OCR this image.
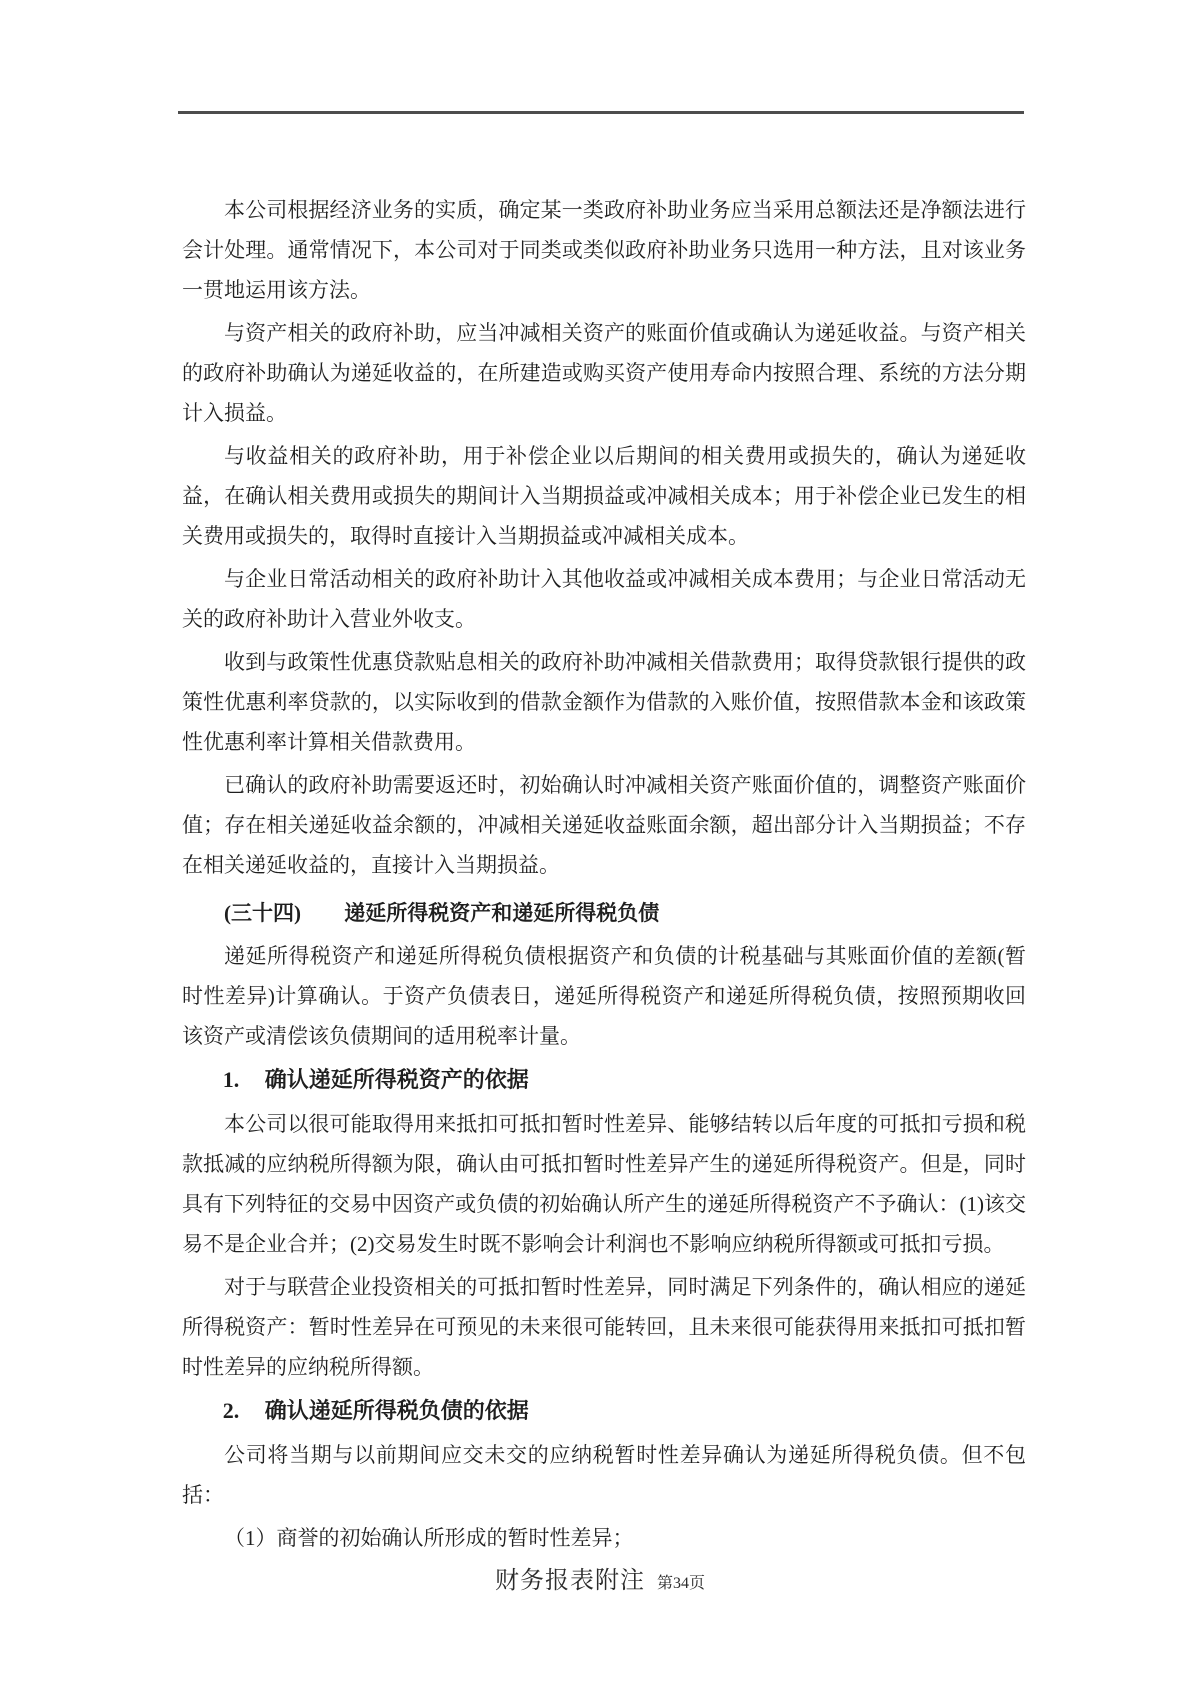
本公司根据经济业务的实质，确定某一类政府补助业务应当采用总额法还是净额法进行会计处理。通常情况下，本公司对于同类或类似政府补助业务只选用一种方法，且对该业务一贯地运用该方法。

与资产相关的政府补助，应当冲减相关资产的账面价值或确认为递延收益。与资产相关的政府补助确认为递延收益的，在所建造或购买资产使用寿命内按照合理、系统的方法分期计入损益。

与收益相关的政府补助，用于补偿企业以后期间的相关费用或损失的，确认为递延收益，在确认相关费用或损失的期间计入当期损益或冲减相关成本；用于补偿企业已发生的相关费用或损失的，取得时直接计入当期损益或冲减相关成本。

与企业日常活动相关的政府补助计入其他收益或冲减相关成本费用；与企业日常活动无关的政府补助计入营业外收支。

收到与政策性优惠贷款贴息相关的政府补助冲减相关借款费用；取得贷款银行提供的政策性优惠利率贷款的，以实际收到的借款金额作为借款的入账价值，按照借款本金和该政策性优惠利率计算相关借款费用。

已确认的政府补助需要返还时，初始确认时冲减相关资产账面价值的，调整资产账面价值；存在相关递延收益余额的，冲减相关递延收益账面余额，超出部分计入当期损益；不存在相关递延收益的，直接计入当期损益。

(三十四) 递延所得税资产和递延所得税负债

递延所得税资产和递延所得税负债根据资产和负债的计税基础与其账面价值的差额(暂时性差异)计算确认。于资产负债表日，递延所得税资产和递延所得税负债，按照预期收回该资产或清偿该负债期间的适用税率计量。

1. 确认递延所得税资产的依据

本公司以很可能取得用来抵扣可抵扣暂时性差异、能够结转以后年度的可抵扣亏损和税款抵减的应纳税所得额为限，确认由可抵扣暂时性差异产生的递延所得税资产。但是，同时具有下列特征的交易中因资产或负债的初始确认所产生的递延所得税资产不予确认：(1)该交易不是企业合并；(2)交易发生时既不影响会计利润也不影响应纳税所得额或可抵扣亏损。

对于与联营企业投资相关的可抵扣暂时性差异，同时满足下列条件的，确认相应的递延所得税资产：暂时性差异在可预见的未来很可能转回，且未来很可能获得用来抵扣可抵扣暂时性差异的应纳税所得额。

2. 确认递延所得税负债的依据

公司将当期与以前期间应交未交的应纳税暂时性差异确认为递延所得税负债。但不包括：

（1）商誉的初始确认所形成的暂时性差异；

财务报表附注 第34页
